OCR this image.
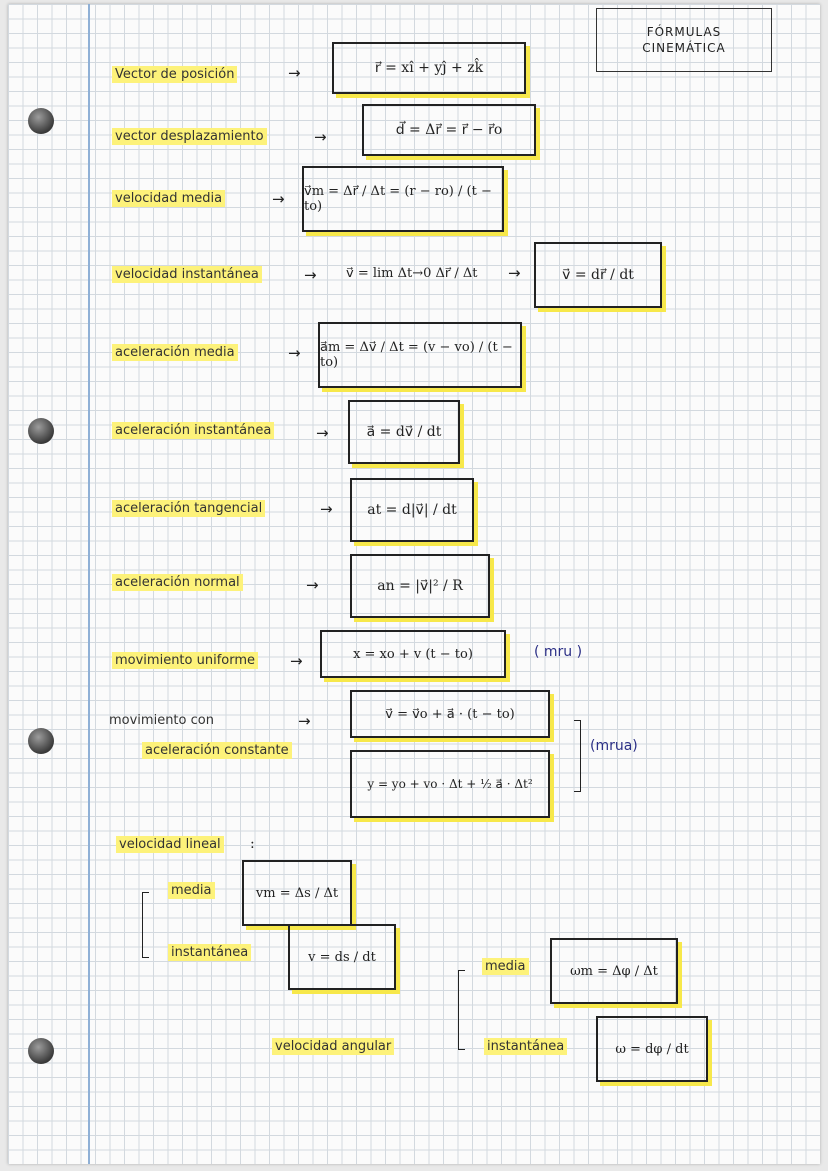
FÓRMULAS
CINEMÁTICA
Vector de posición	→	r⃗ = xî + yĵ + zk̂
vector desplazamiento	→	d⃗ = Δr⃗ = r⃗ − r⃗o
velocidad media	→ v⃗m = Δr⃗ / Δt = (r − ro) / (t − to)
velocidad instantánea	→ v⃗ = lim Δt→0 Δr⃗ / Δt →	v⃗ = dr⃗ / dt
aceleración media	→ a⃗m = Δv⃗ / Δt = (v − vo) / (t − to)
aceleración instantánea	→	a⃗ = dv⃗ / dt
aceleración tangencial	→	at = d|v⃗| / dt
aceleración normal	→	an = |v⃗|² / R
movimiento uniforme →	x = xo + v (t − to)	( mru )
movimiento con	→
aceleración constante
v⃗ = v⃗o + a⃗ · (t − to)
y = yo + vo · Δt + ½ a⃗ · Δt²
(mrua)
velocidad lineal :
media	vm = Δs / Δt
instantánea	v = ds / dt
velocidad angular
media	ωm = Δφ / Δt
instantánea	ω = dφ / dt
